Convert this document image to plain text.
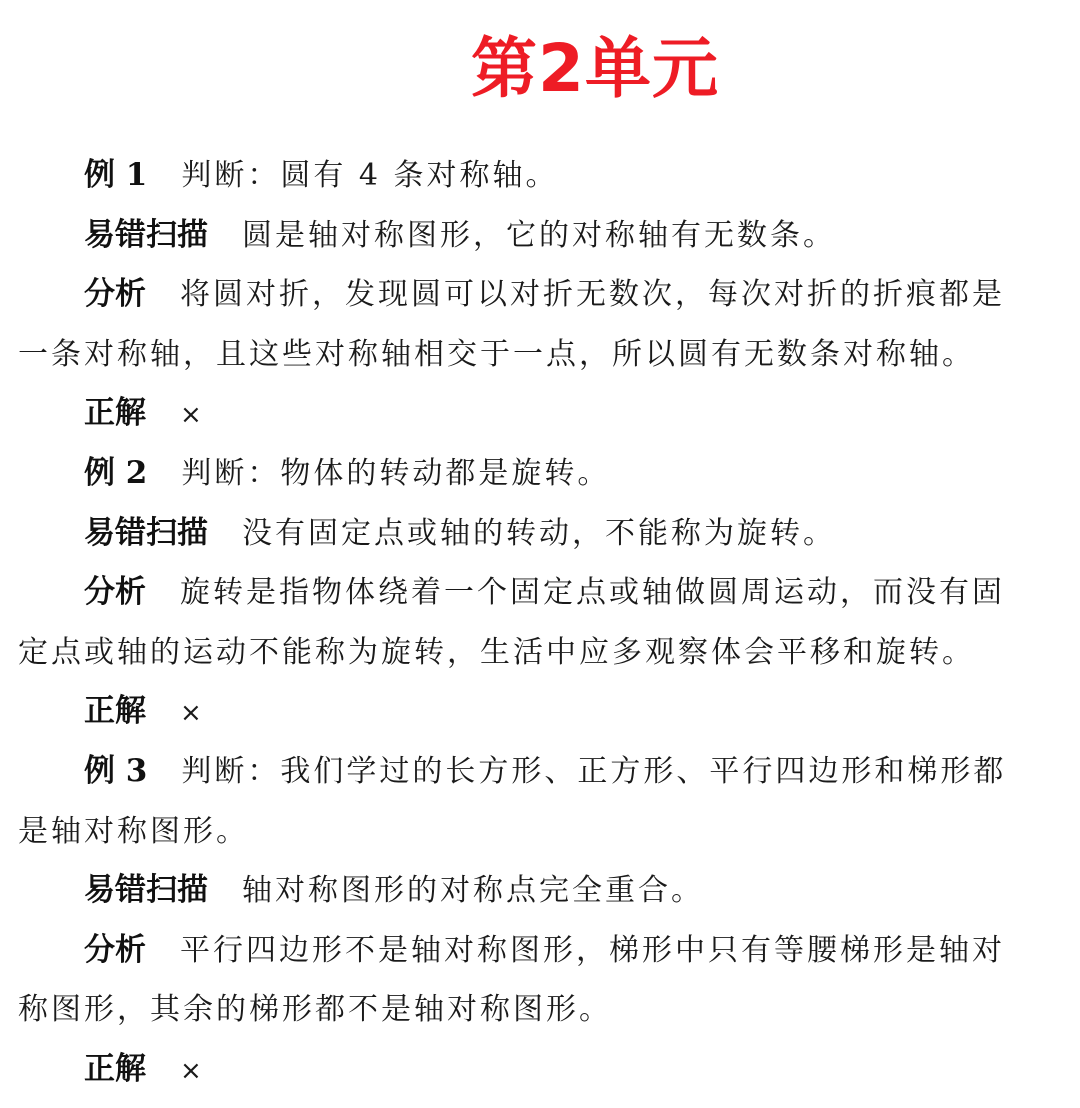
第2单元
例 1 判断：圆有 4 条对称轴。
易错扫描 圆是轴对称图形，它的对称轴有无数条。
分析 将圆对折，发现圆可以对折无数次，每次对折的折痕都是
一条对称轴，且这些对称轴相交于一点，所以圆有无数条对称轴。
正解 ×
例 2 判断：物体的转动都是旋转。
易错扫描 没有固定点或轴的转动，不能称为旋转。
分析 旋转是指物体绕着一个固定点或轴做圆周运动，而没有固
定点或轴的运动不能称为旋转，生活中应多观察体会平移和旋转。
正解 ×
例 3 判断：我们学过的长方形、正方形、平行四边形和梯形都
是轴对称图形。
易错扫描 轴对称图形的对称点完全重合。
分析 平行四边形不是轴对称图形，梯形中只有等腰梯形是轴对
称图形，其余的梯形都不是轴对称图形。
正解 ×
